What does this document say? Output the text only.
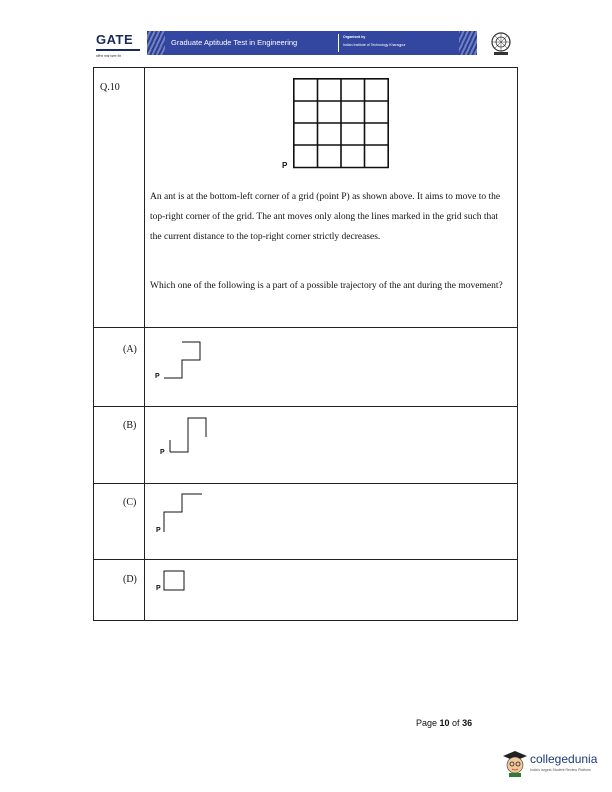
GATE
प्रतिभा परख दक्षता भेद
Graduate Aptitude Test in Engineering
Organised by
Indian Institute of Technology Kharagpur
Q.10
P
An ant is at the bottom-left corner of a grid (point P) as shown above. It aims to move to the top-right corner of the grid. The ant moves only along the lines marked in the grid such that the current distance to the top-right corner strictly decreases.
Which one of the following is a part of a possible trajectory of the ant during the movement?
(A)
P
(B)
P
(C)
P
(D)
P
Page 10 of 36
collegedunia
India's largest Student Review Platform
